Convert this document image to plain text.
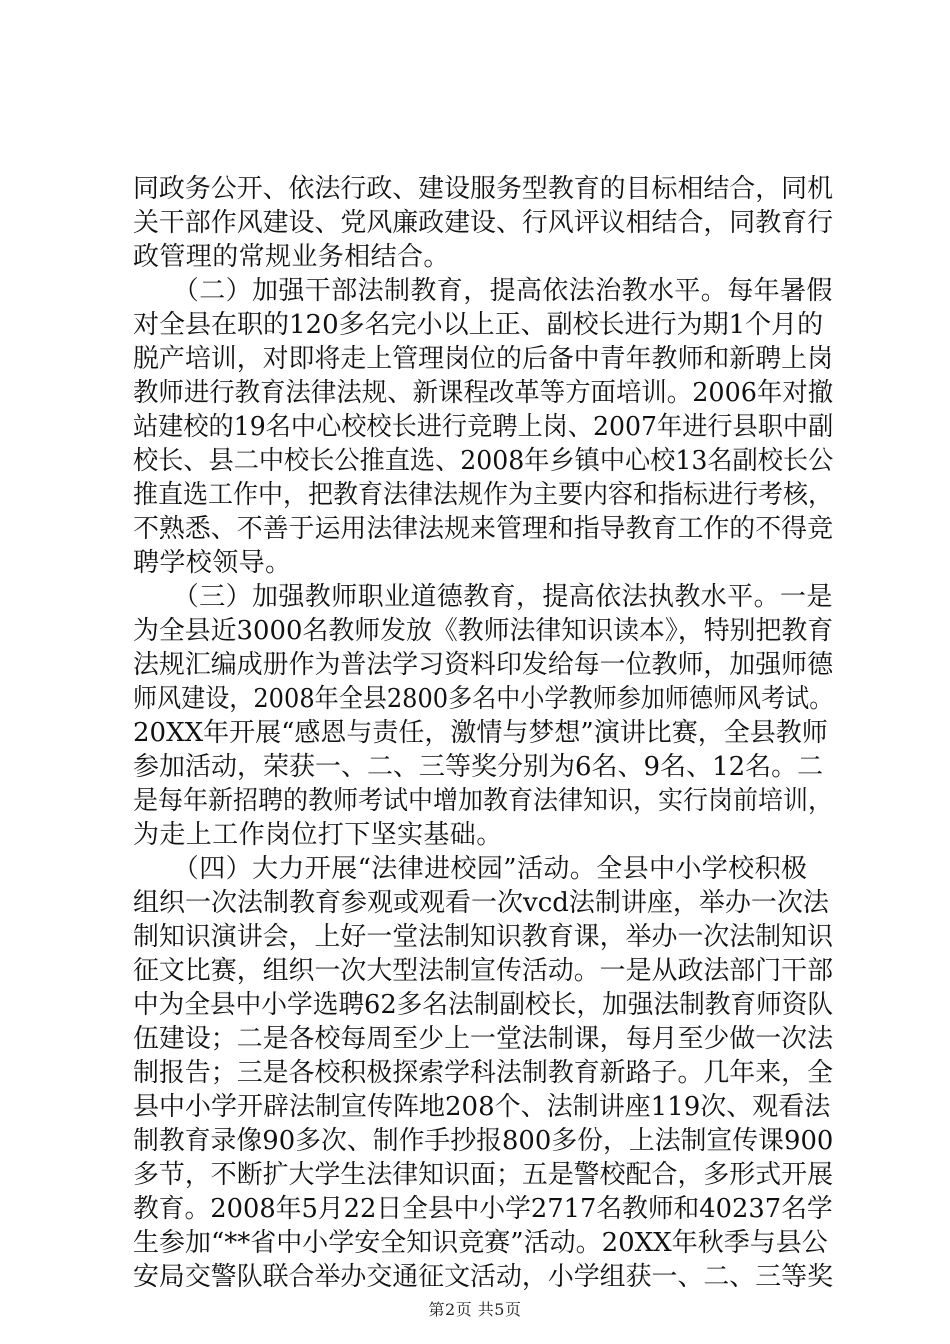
同政务公开、依法行政、建设服务型教育的目标相结合，同机
关干部作风建设、党风廉政建设、行风评议相结合，同教育行
政管理的常规业务相结合。
　　（二）加强干部法制教育，提高依法治教水平。每年暑假
对全县在职的120多名完小以上正、副校长进行为期1个月的
脱产培训，对即将走上管理岗位的后备中青年教师和新聘上岗
教师进行教育法律法规、新课程改革等方面培训。2006年对撤
站建校的19名中心校校长进行竞聘上岗、2007年进行县职中副
校长、县二中校长公推直选、2008年乡镇中心校13名副校长公
推直选工作中，把教育法律法规作为主要内容和指标进行考核，
不熟悉、不善于运用法律法规来管理和指导教育工作的不得竞
聘学校领导。
　　（三）加强教师职业道德教育，提高依法执教水平。一是
为全县近3000名教师发放《教师法律知识读本》，特别把教育
法规汇编成册作为普法学习资料印发给每一位教师，加强师德
师风建设，2008年全县2800多名中小学教师参加师德师风考试。
20XX年开展“感恩与责任，激情与梦想”演讲比赛，全县教师
参加活动，荣获一、二、三等奖分别为6名、9名、12名。二
是每年新招聘的教师考试中增加教育法律知识，实行岗前培训，
为走上工作岗位打下坚实基础。
　　（四）大力开展“法律进校园”活动。全县中小学校积极
组织一次法制教育参观或观看一次vcd法制讲座，举办一次法
制知识演讲会，上好一堂法制知识教育课，举办一次法制知识
征文比赛，组织一次大型法制宣传活动。一是从政法部门干部
中为全县中小学选聘62多名法制副校长，加强法制教育师资队
伍建设；二是各校每周至少上一堂法制课，每月至少做一次法
制报告；三是各校积极探索学科法制教育新路子。几年来，全
县中小学开辟法制宣传阵地208个、法制讲座119次、观看法
制教育录像90多次、制作手抄报800多份，上法制宣传课900
多节，不断扩大学生法律知识面；五是警校配合，多形式开展
教育。2008年5月22日全县中小学2717名教师和40237名学
生参加“**省中小学安全知识竞赛”活动。20XX年秋季与县公
安局交警队联合举办交通征文活动，小学组获一、二、三等奖
第2页 共5页
